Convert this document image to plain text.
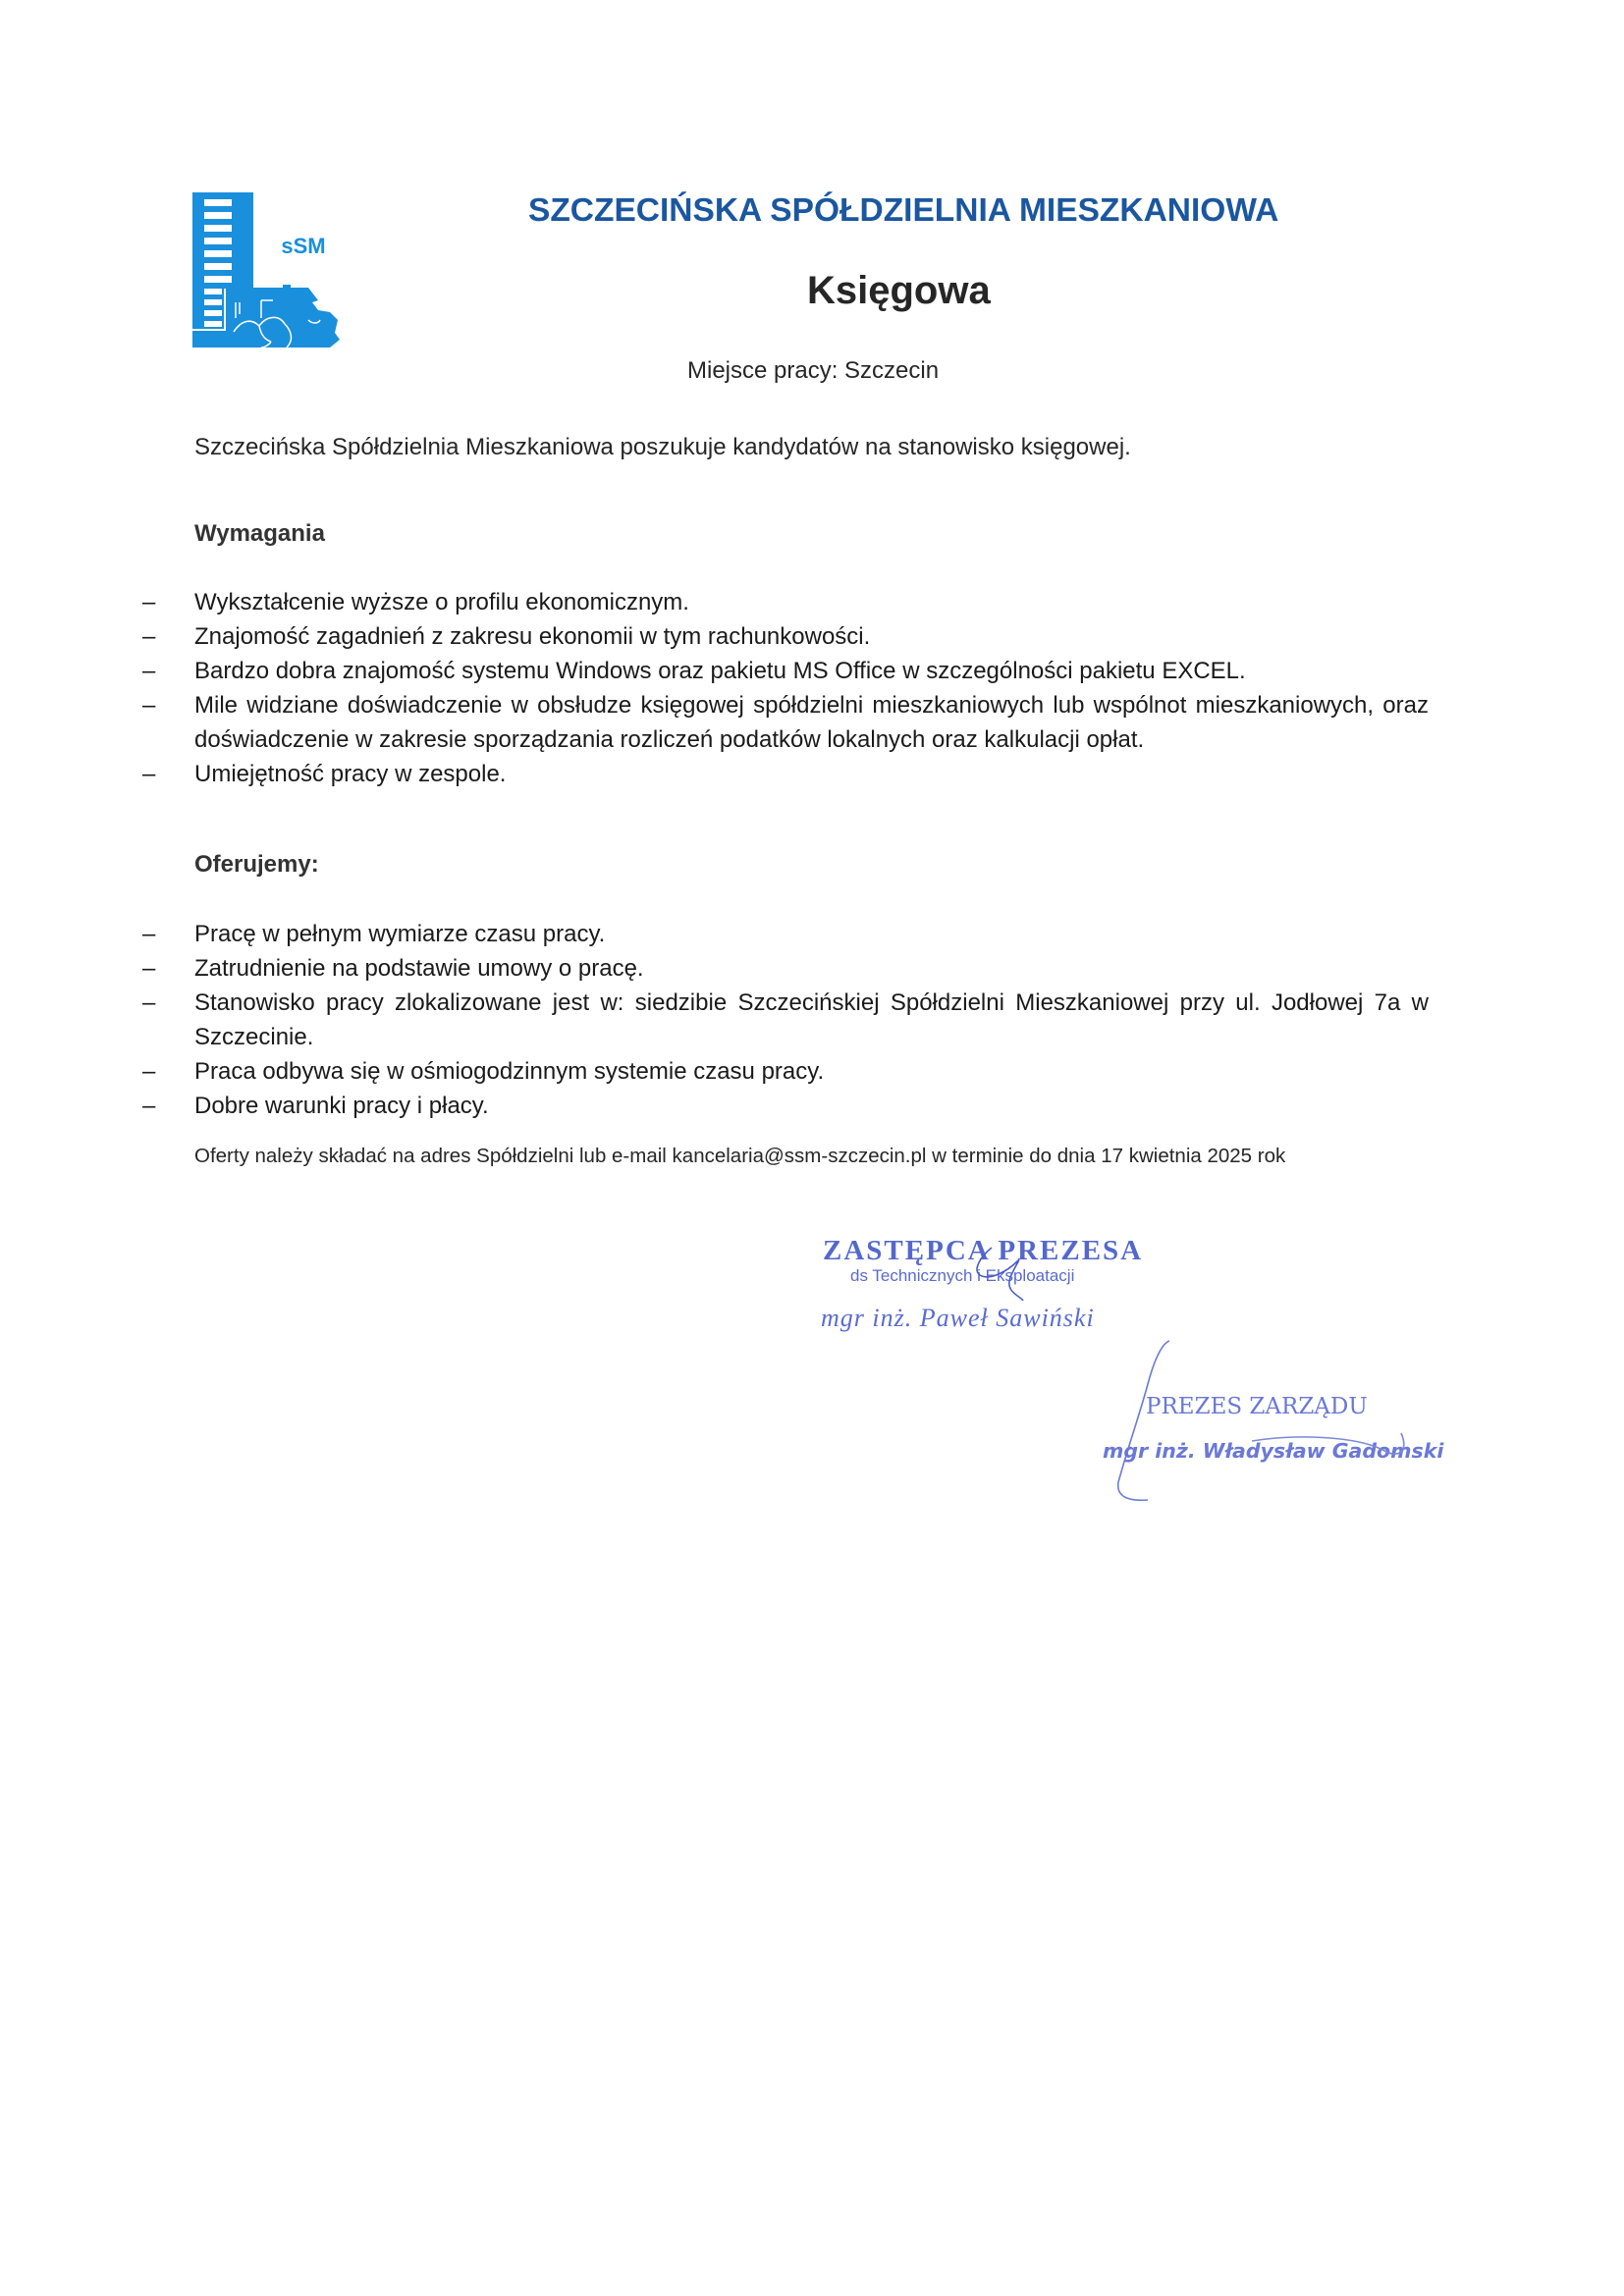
sSM
SZCZECIŃSKA SPÓŁDZIELNIA MIESZKANIOWA
Księgowa
Miejsce pracy: Szczecin
Szczecińska Spółdzielnia Mieszkaniowa poszukuje kandydatów na stanowisko księgowej.
Wymagania
– Wykształcenie wyższe o profilu ekonomicznym.
– Znajomość zagadnień z zakresu ekonomii w tym rachunkowości.
– Bardzo dobra znajomość systemu Windows oraz pakietu MS Office w szczególności pakietu EXCEL.
– Mile widziane doświadczenie w obsłudze księgowej spółdzielni mieszkaniowych lub wspólnot mieszkaniowych, oraz doświadczenie w zakresie sporządzania rozliczeń podatków lokalnych oraz kalkulacji opłat.
– Umiejętność pracy w zespole.
Oferujemy:
– Pracę w pełnym wymiarze czasu pracy.
– Zatrudnienie na podstawie umowy o pracę.
– Stanowisko pracy zlokalizowane jest w: siedzibie Szczecińskiej Spółdzielni Mieszkaniowej przy ul. Jodłowej 7a w Szczecinie.
– Praca odbywa się w ośmiogodzinnym systemie czasu pracy.
– Dobre warunki pracy i płacy.
Oferty należy składać na adres Spółdzielni lub e-mail kancelaria@ssm-szczecin.pl w terminie do dnia 17 kwietnia 2025 rok
ZASTĘPCA PREZESA
ds Technicznych i Eksploatacji
mgr inż. Paweł Sawiński
PREZES ZARZĄDU
mgr inż. Władysław Gadomski
